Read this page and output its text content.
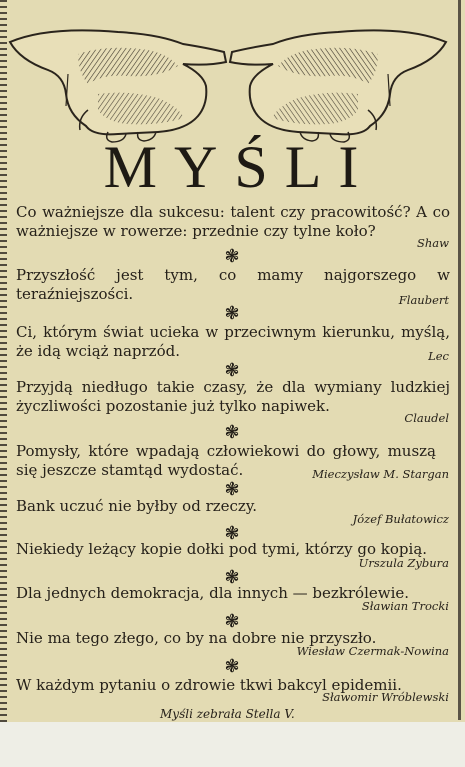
MYŚLI
Co ważniejsze dla sukcesu: talent czy pracowitość? A co ważniejsze w rowerze: przednie czy tylne koło?
Shaw
❃
Przyszłość jest tym, co mamy najgorszego w teraźniejszości.	Flaubert
❃
Ci, którym świat ucieka w przeciwnym kierunku, myślą, że idą wciąż naprzód.	Lec
❃
Przyjdą niedługo takie czasy, że dla wymiany ludzkiej życzliwości pozostanie już tylko napiwek.
Claudel
❃
Pomysły, które wpadają człowiekowi do głowy, muszą się jeszcze stamtąd wydostać.	Mieczysław M. Stargan
❃
Bank uczuć nie byłby od rzeczy.
Józef Bułatowicz
❃
Niekiedy leżący kopie dołki pod tymi, którzy go kopią.
Urszula Zybura
❃
Dla jednych demokracja, dla innych — bezkrólewie.
Sławian Trocki
❃
Nie ma tego złego, co by na dobre nie przyszło.
Wiesław Czermak-Nowina
❃
W każdym pytaniu o zdrowie tkwi bakcyl epidemii.
Sławomir Wróblewski
Myśli zebrała Stella V.
